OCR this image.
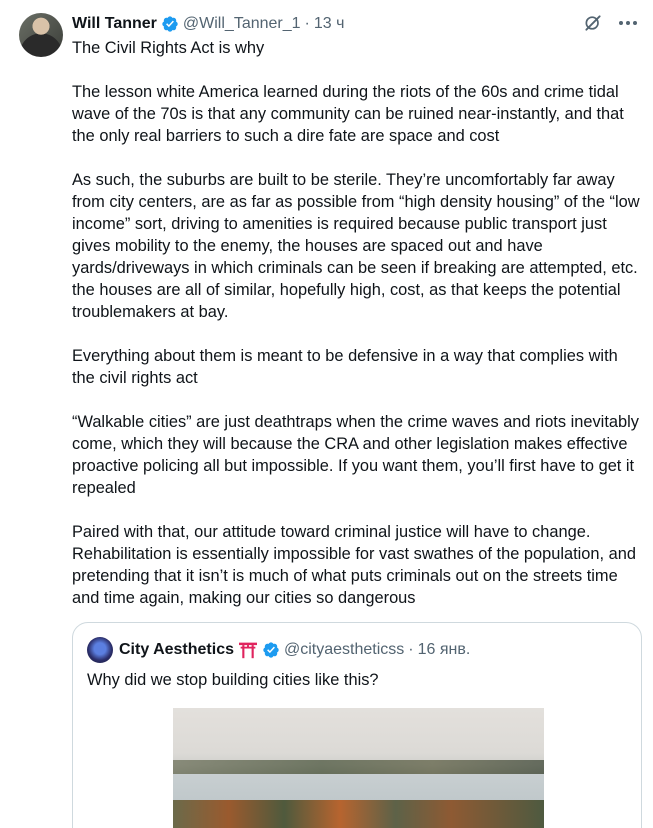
Will Tanner @Will_Tanner_1 · 13 ч

The Civil Rights Act is why

The lesson white America learned during the riots of the 60s and crime tidal wave of the 70s is that any community can be ruined near-instantly, and that the only real barriers to such a dire fate are space and cost

As such, the suburbs are built to be sterile. They’re uncomfortably far away from city centers, are as far as possible from “high density housing” of the “low income” sort, driving to amenities is required because public transport just gives mobility to the enemy, the houses are spaced out and have yards/driveways in which criminals can be seen if breaking are attempted, etc. the houses are all of similar, hopefully high, cost, as that keeps the potential troublemakers at bay.

Everything about them is meant to be defensive in a way that complies with the civil rights act

“Walkable cities” are just deathtraps when the crime waves and riots inevitably come, which they will because the CRA and other legislation makes effective proactive policing all but impossible. If you want them, you’ll first have to get it repealed

Paired with that, our attitude toward criminal justice will have to change. Rehabilitation is essentially impossible for vast swathes of the population, and pretending that it isn’t is much of what puts criminals out on the streets time and time again, making our cities so dangerous

City Aesthetics	@cityaestheticss · 16 янв.
Why did we stop building cities like this?
